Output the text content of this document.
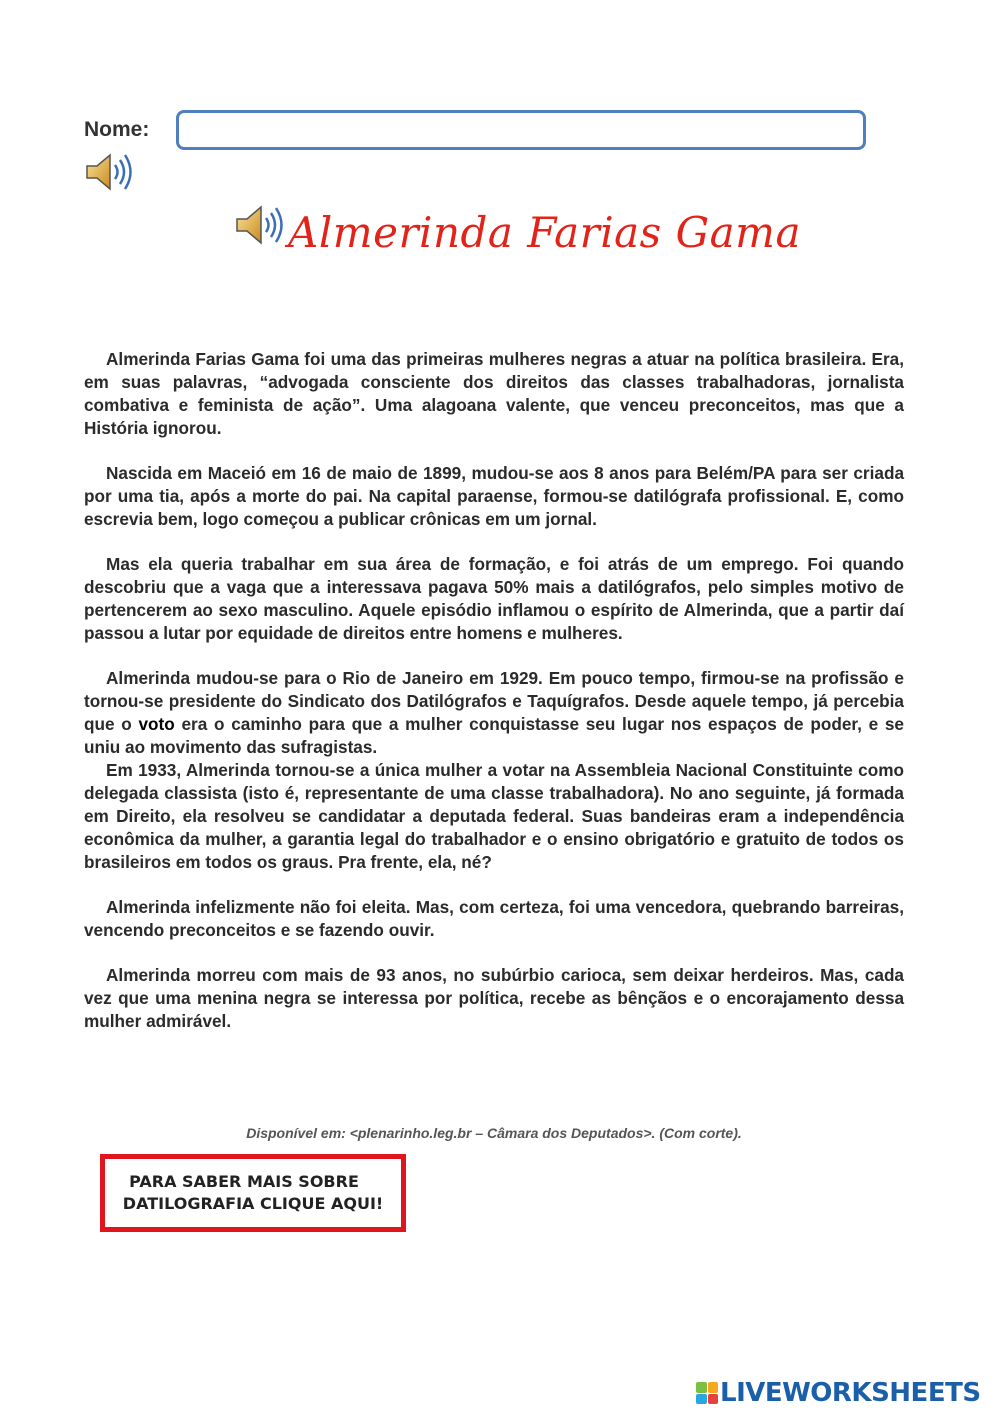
Nome:
Almerinda Farias Gama

Almerinda Farias Gama foi uma das primeiras mulheres negras a atuar na política brasileira. Era, em suas palavras, “advogada consciente dos direitos das classes trabalhadoras, jornalista combativa e feminista de ação”. Uma alagoana valente, que venceu preconceitos, mas que a História ignorou.

Nascida em Maceió em 16 de maio de 1899, mudou-se aos 8 anos para Belém/PA para ser criada por uma tia, após a morte do pai. Na capital paraense, formou-se datilógrafa profissional. E, como escrevia bem, logo começou a publicar crônicas em um jornal.

Mas ela queria trabalhar em sua área de formação, e foi atrás de um emprego. Foi quando descobriu que a vaga que a interessava pagava 50% mais a datilógrafos, pelo simples motivo de pertencerem ao sexo masculino. Aquele episódio inflamou o espírito de Almerinda, que a partir daí passou a lutar por equidade de direitos entre homens e mulheres.

Almerinda mudou-se para o Rio de Janeiro em 1929. Em pouco tempo, firmou-se na profissão e tornou-se presidente do Sindicato dos Datilógrafos e Taquígrafos. Desde aquele tempo, já percebia que o voto era o caminho para que a mulher conquistasse seu lugar nos espaços de poder, e se uniu ao movimento das sufragistas.

Em 1933, Almerinda tornou-se a única mulher a votar na Assembleia Nacional Constituinte como delegada classista (isto é, representante de uma classe trabalhadora). No ano seguinte, já formada em Direito, ela resolveu se candidatar a deputada federal. Suas bandeiras eram a independência econômica da mulher, a garantia legal do trabalhador e o ensino obrigatório e gratuito de todos os brasileiros em todos os graus. Pra frente, ela, né?

Almerinda infelizmente não foi eleita. Mas, com certeza, foi uma vencedora, quebrando barreiras, vencendo preconceitos e se fazendo ouvir.

Almerinda morreu com mais de 93 anos, no subúrbio carioca, sem deixar herdeiros. Mas, cada vez que uma menina negra se interessa por política, recebe as bênçãos e o encorajamento dessa mulher admirável.

Disponível em: <plenarinho.leg.br – Câmara dos Deputados>. (Com corte).
PARA SABER MAIS SOBRE
DATILOGRAFIA CLIQUE AQUI!
LIVEWORKSHEETS
